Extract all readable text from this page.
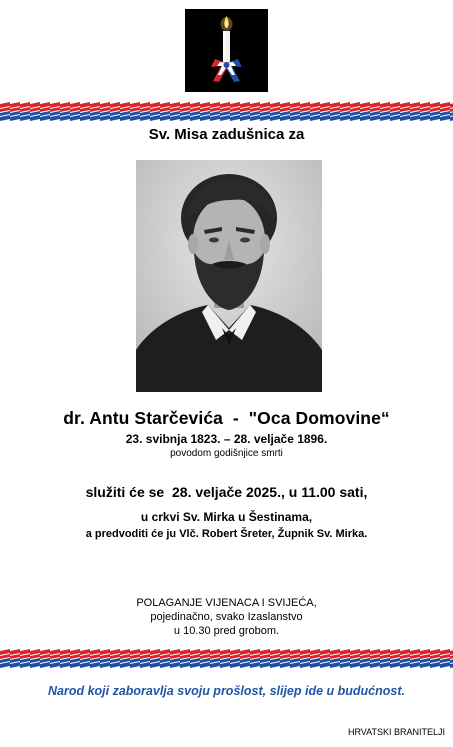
Sv. Misa zadušnica za
dr. Antu Starčevića  -  "Oca Domovine“
23. svibnja 1823. – 28. veljače 1896.
povodom godišnjice smrti
služiti će se  28. veljače 2025., u 11.00 sati,
u crkvi Sv. Mirka u Šestinama,
a predvoditi će ju Vlč. Robert Šreter, Župnik Sv. Mirka.
POLAGANJE VIJENACA I SVIJEĆA,
pojedinačno, svako Izaslanstvo
u 10.30 pred grobom.
Narod koji zaboravlja svoju prošlost, slijep ide u budućnost.
HRVATSKI BRANITELJI
